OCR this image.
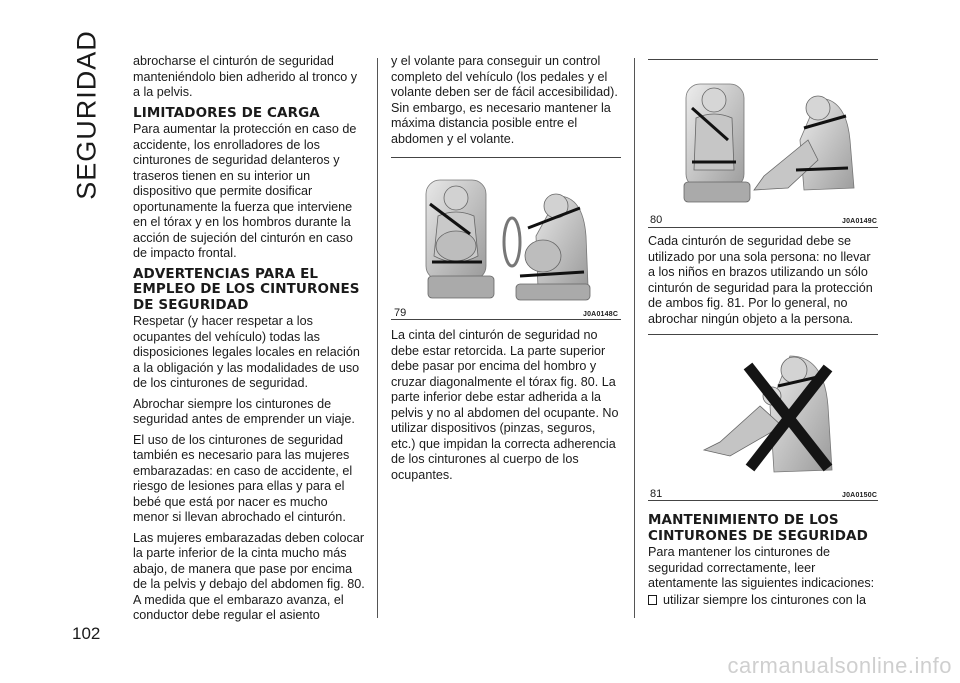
SEGURIDAD	abrocharse el cinturón de seguridad manteniéndolo bien adherido al tronco y a la pelvis.

LIMITADORES DE CARGA

Para aumentar la protección en caso de accidente, los enrolladores de los cinturones de seguridad delanteros y traseros tienen en su interior un dispositivo que permite dosificar oportunamente la fuerza que interviene en el tórax y en los hombros durante la acción de sujeción del cinturón en caso de impacto frontal.

ADVERTENCIAS PARA EL EMPLEO DE LOS CINTURONES DE SEGURIDAD

Respetar (y hacer respetar a los ocupantes del vehículo) todas las disposiciones legales locales en relación a la obligación y las modalidades de uso de los cinturones de seguridad.

Abrochar siempre los cinturones de seguridad antes de emprender un viaje.

El uso de los cinturones de seguridad también es necesario para las mujeres embarazadas: en caso de accidente, el riesgo de lesiones para ellas y para el bebé que está por nacer es mucho menor si llevan abrochado el cinturón.

Las mujeres embarazadas deben colocar la parte inferior de la cinta mucho más abajo, de manera que pase por encima de la pelvis y debajo del abdomen fig. 80. A medida que el embarazo avanza, el conductor debe regular el asiento

y el volante para conseguir un control completo del vehículo (los pedales y el volante deben ser de fácil accesibilidad). Sin embargo, es necesario mantener la máxima distancia posible entre el abdomen y el volante.

79	J0A0148C

La cinta del cinturón de seguridad no debe estar retorcida. La parte superior debe pasar por encima del hombro y cruzar diagonalmente el tórax fig. 80. La parte inferior debe estar adherida a la pelvis y no al abdomen del ocupante. No utilizar dispositivos (pinzas, seguros, etc.) que impidan la correcta adherencia de los cinturones al cuerpo de los ocupantes.

80	J0A0149C

Cada cinturón de seguridad debe se utilizado por una sola persona: no llevar a los niños en brazos utilizando un sólo cinturón de seguridad para la protección de ambos fig. 81. Por lo general, no abrochar ningún objeto a la persona.

81	J0A0150C
MANTENIMIENTO DE LOS CINTURONES DE SEGURIDAD

Para mantener los cinturones de seguridad correctamente, leer atentamente las siguientes indicaciones:

utilizar siempre los cinturones con la

102
carmanualsonline.info
